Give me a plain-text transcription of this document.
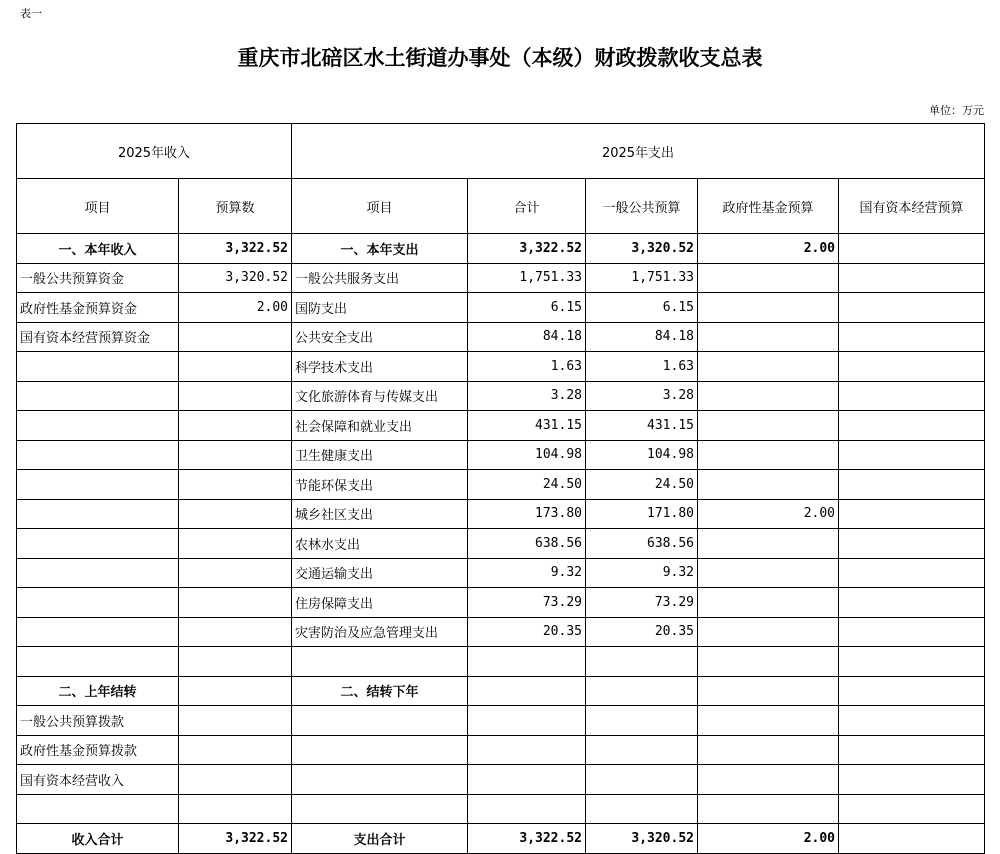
表一
重庆市北碚区水土街道办事处（本级）财政拨款收支总表
单位：万元
2025年收入		2025年支出				
项目	预算数	项目	合计	一般公共预算	政府性基金预算	国有资本经营预算
一、本年收入	3,322.52	一、本年支出	3,322.52	3,320.52	2.00	
一般公共预算资金	3,320.52	一般公共服务支出	1,751.33	1,751.33		
政府性基金预算资金	2.00	国防支出	6.15	6.15		
国有资本经营预算资金		公共安全支出	84.18	84.18		
		科学技术支出	1.63	1.63		
		文化旅游体育与传媒支出	3.28	3.28		
		社会保障和就业支出	431.15	431.15		
		卫生健康支出	104.98	104.98		
		节能环保支出	24.50	24.50		
		城乡社区支出	173.80	171.80	2.00	
		农林水支出	638.56	638.56		
		交通运输支出	9.32	9.32		
		住房保障支出	73.29	73.29		
		灾害防治及应急管理支出	20.35	20.35		

二、上年结转		二、结转下年				
一般公共预算拨款						
政府性基金预算拨款						
国有资本经营收入						

收入合计	3,322.52	支出合计	3,322.52	3,320.52	2.00	
